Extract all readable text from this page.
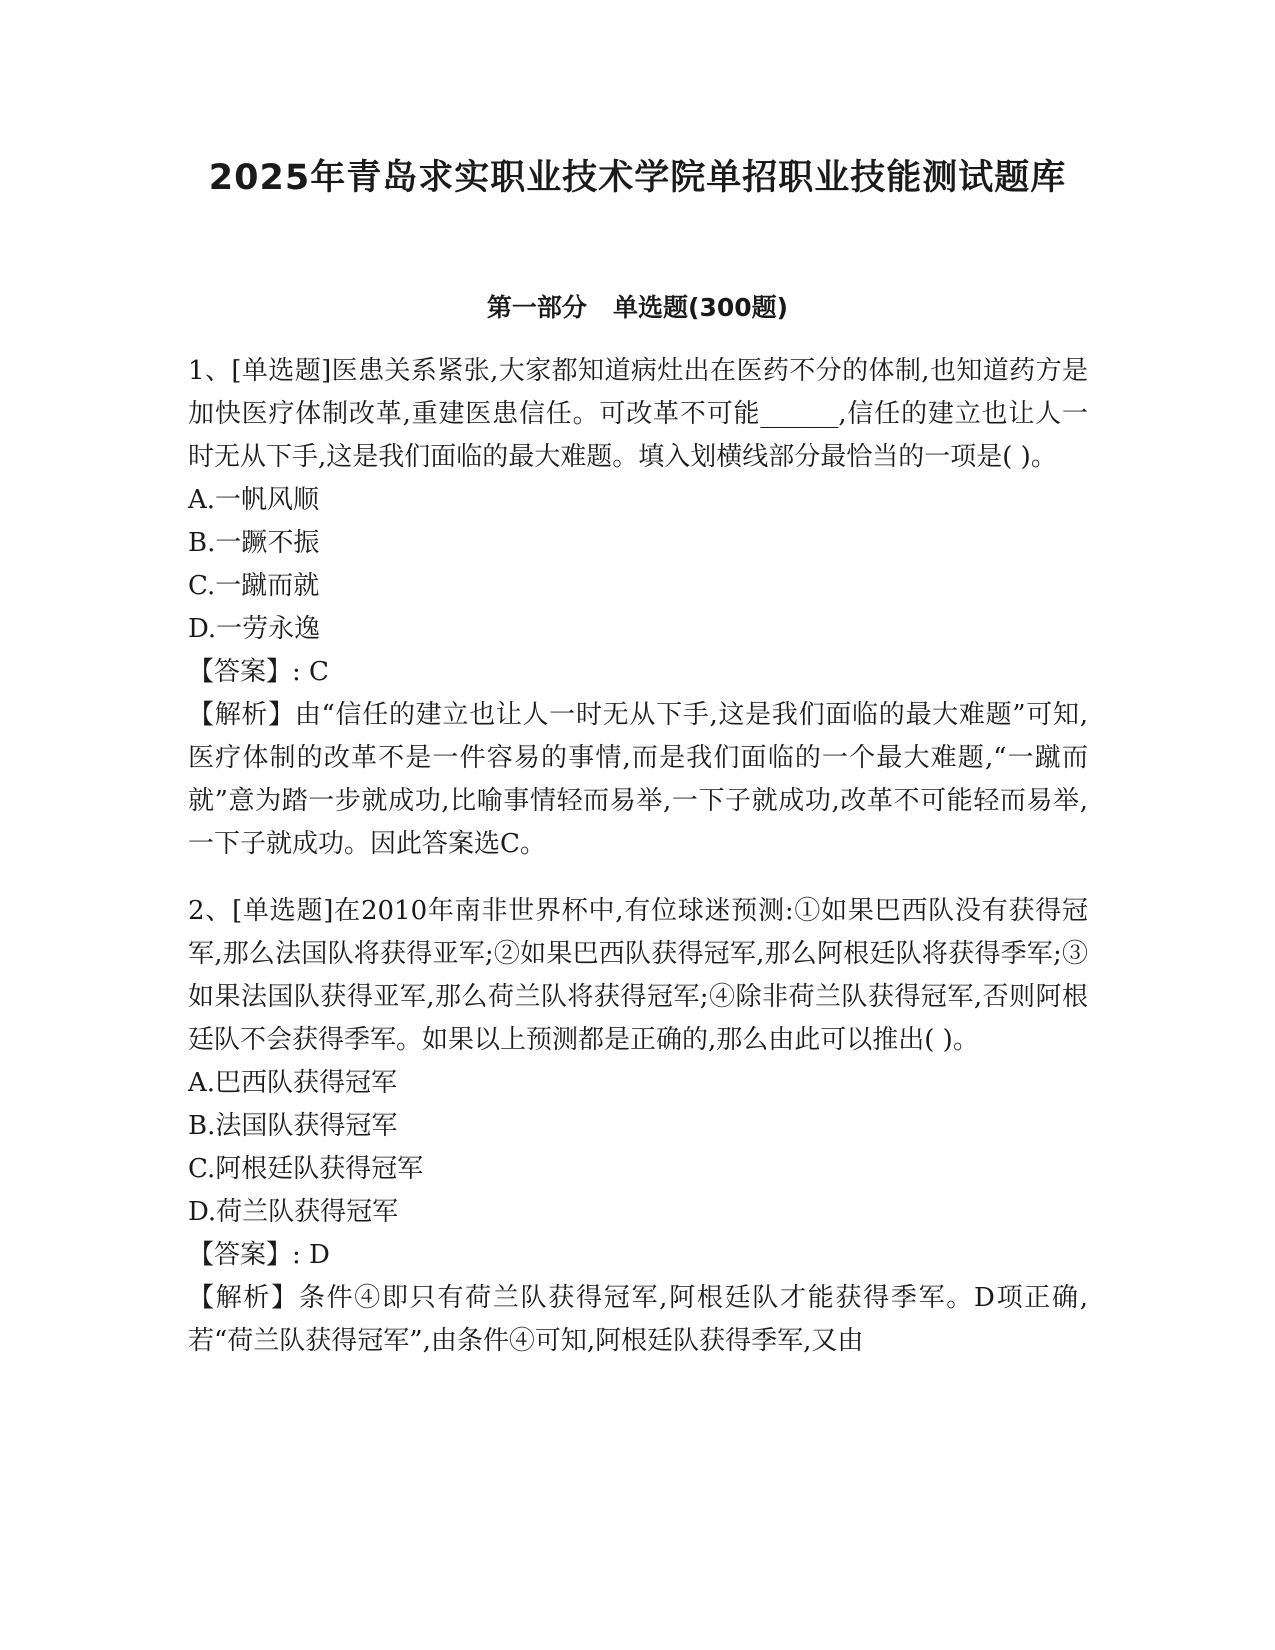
2025年青岛求实职业技术学院单招职业技能测试题库
第一部分   单选题(300题)

1、[单选题]医患关系紧张,大家都知道病灶出在医药不分的体制,也知道药方是加快医疗体制改革,重建医患信任。可改革不可能______,信任的建立也让人一时无从下手,这是我们面临的最大难题。填入划横线部分最恰当的一项是( )。

A.一帆风顺

B.一蹶不振

C.一蹴而就

D.一劳永逸

【答案】: C

【解析】由“信任的建立也让人一时无从下手,这是我们面临的最大难题”可知,医疗体制的改革不是一件容易的事情,而是我们面临的一个最大难题,“一蹴而就”意为踏一步就成功,比喻事情轻而易举,一下子就成功,改革不可能轻而易举,一下子就成功。因此答案选C。

2、[单选题]在2010年南非世界杯中,有位球迷预测:①如果巴西队没有获得冠军,那么法国队将获得亚军;②如果巴西队获得冠军,那么阿根廷队将获得季军;③如果法国队获得亚军,那么荷兰队将获得冠军;④除非荷兰队获得冠军,否则阿根廷队不会获得季军。如果以上预测都是正确的,那么由此可以推出( )。

A.巴西队获得冠军

B.法国队获得冠军

C.阿根廷队获得冠军

D.荷兰队获得冠军

【答案】: D

【解析】条件④即只有荷兰队获得冠军,阿根廷队才能获得季军。D项正确,若“荷兰队获得冠军”,由条件④可知,阿根廷队获得季军,又由
